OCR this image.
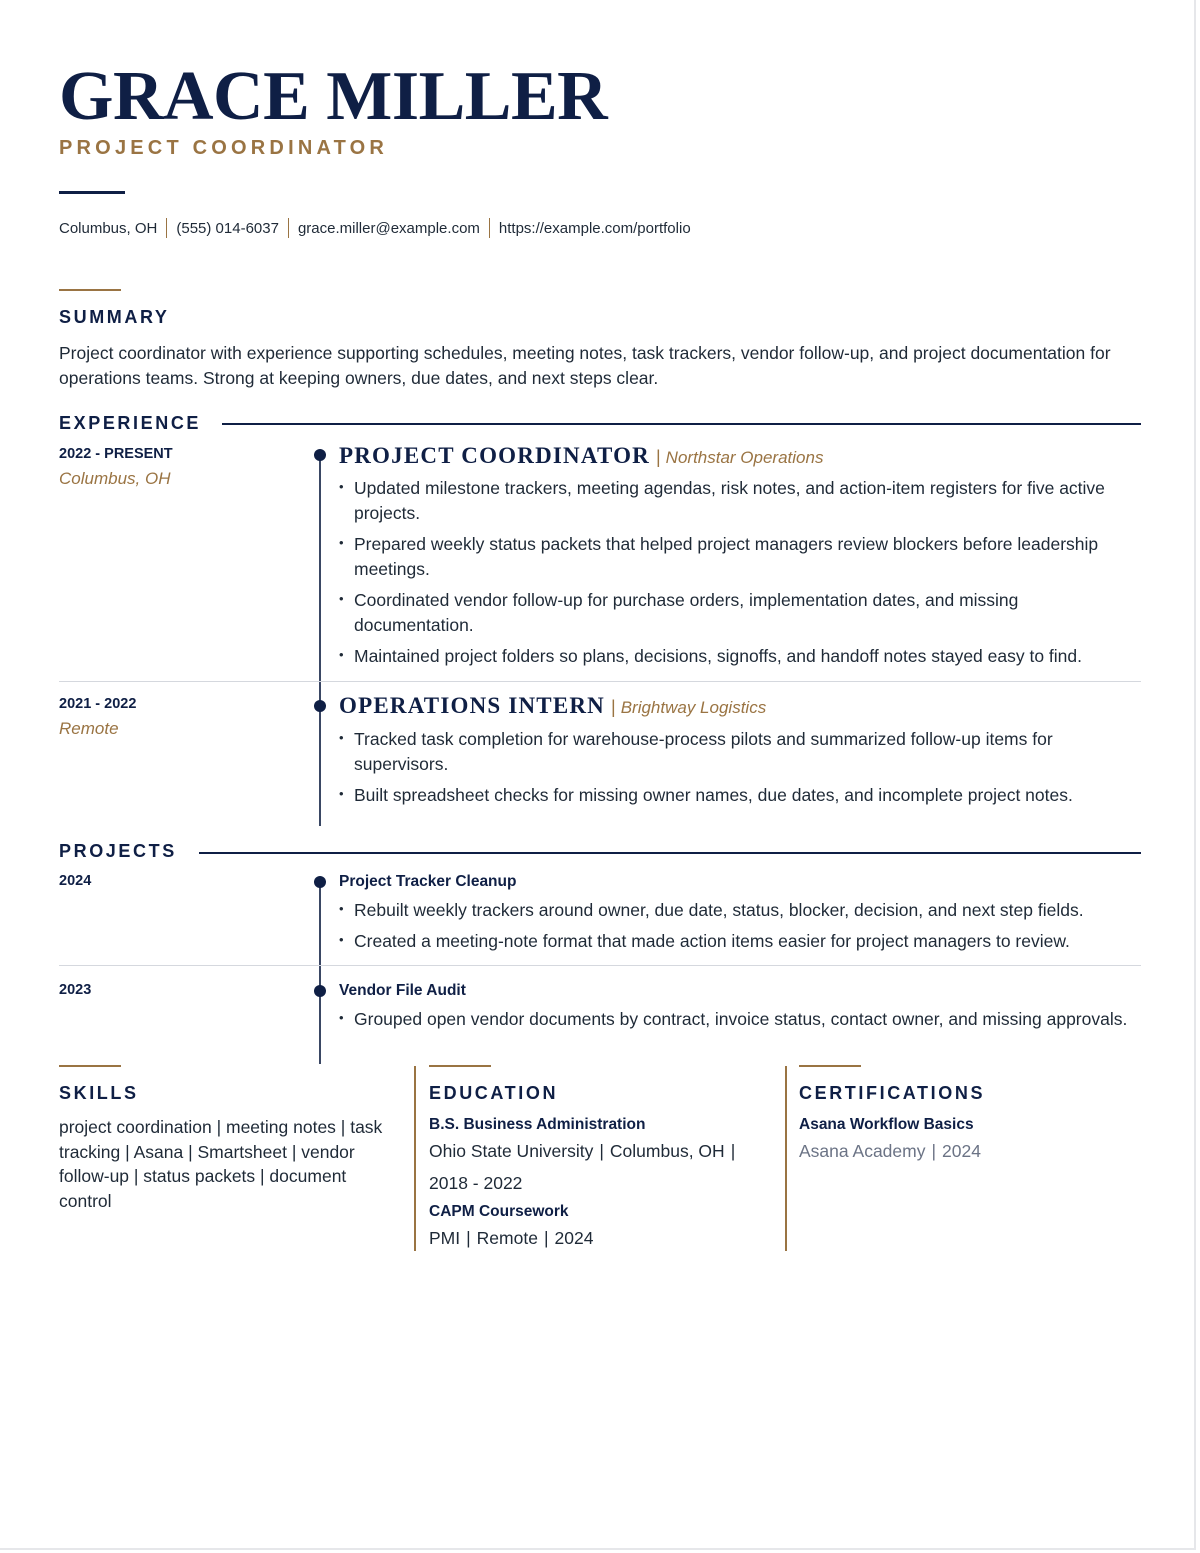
GRACE MILLER
PROJECT COORDINATOR
Columbus, OH (555) 014-6037 grace.miller@example.com https://example.com/portfolio
SUMMARY

Project coordinator with experience supporting schedules, meeting notes, task trackers, vendor follow-up, and project documentation for operations teams. Strong at keeping owners, due dates, and next steps clear.

EXPERIENCE
2022 - PRESENT
Columbus, OH
PROJECT COORDINATOR | Northstar Operations
• Updated milestone trackers, meeting agendas, risk notes, and action-item registers for five active projects.
• Prepared weekly status packets that helped project managers review blockers before leadership meetings.
• Coordinated vendor follow-up for purchase orders, implementation dates, and missing documentation.
• Maintained project folders so plans, decisions, signoffs, and handoff notes stayed easy to find.
2021 - 2022
Remote
OPERATIONS INTERN | Brightway Logistics
• Tracked task completion for warehouse-process pilots and summarized follow-up items for supervisors.
• Built spreadsheet checks for missing owner names, due dates, and incomplete project notes.
PROJECTS
2024	Project Tracker Cleanup
• Rebuilt weekly trackers around owner, due date, status, blocker, decision, and next step fields.
• Created a meeting-note format that made action items easier for project managers to review.
2023	Vendor File Audit
• Grouped open vendor documents by contract, invoice status, contact owner, and missing approvals.
SKILLS

project coordination | meeting notes | task tracking | Asana | Smartsheet | vendor follow-up | status packets | document control

EDUCATION
B.S. Business Administration
Ohio State University | Columbus, OH |
2018 - 2022
CAPM Coursework
PMI | Remote | 2024
CERTIFICATIONS
Asana Workflow Basics
Asana Academy | 2024
